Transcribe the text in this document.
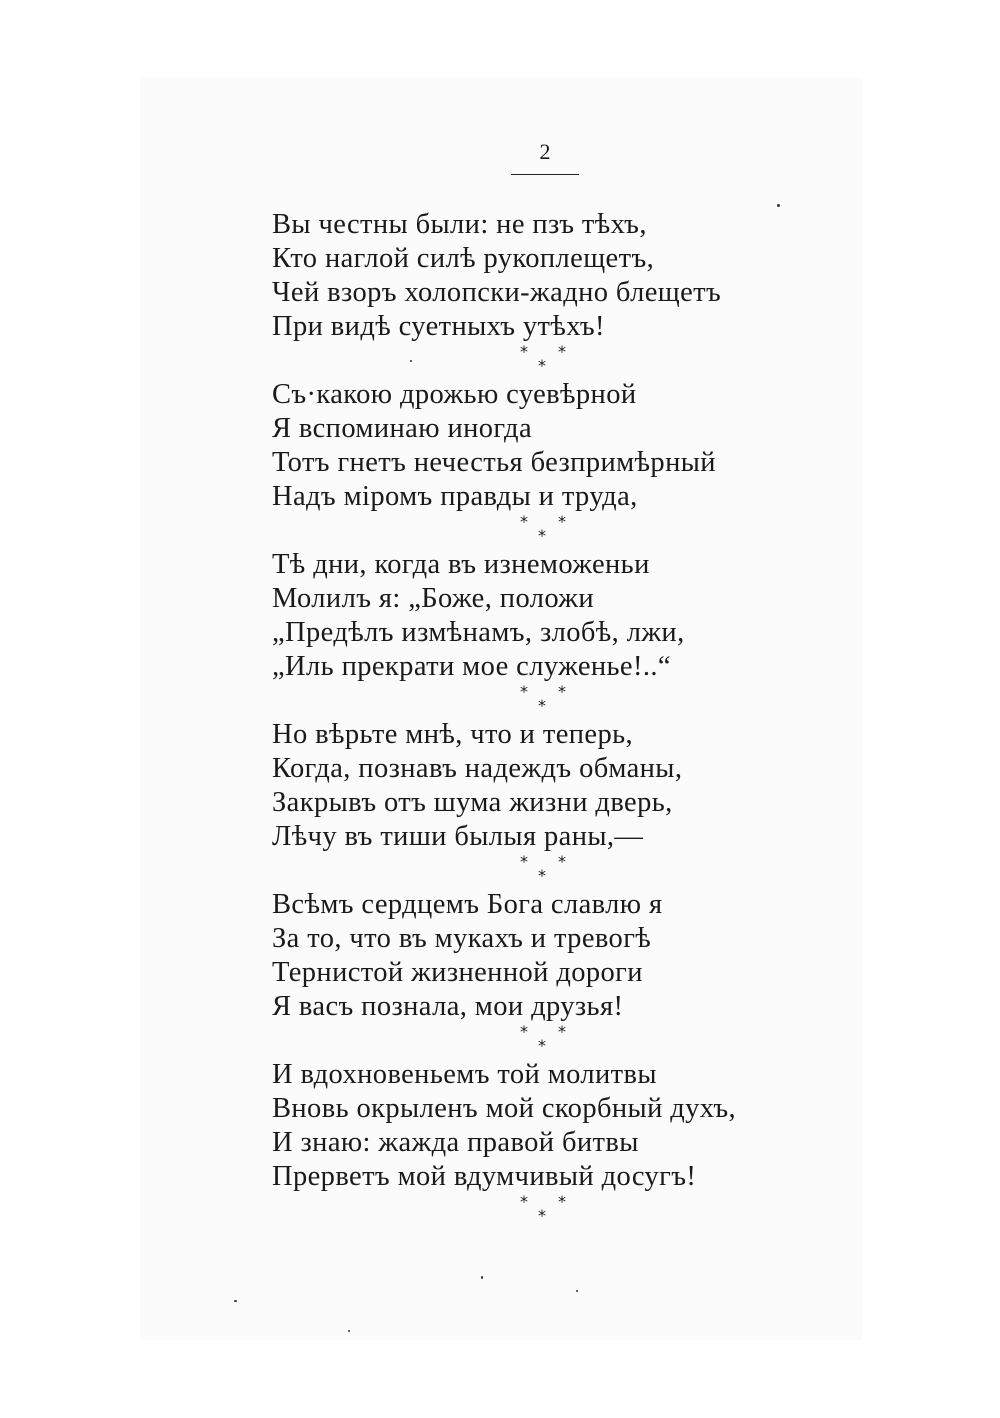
2
Вы честны были: не пзъ тѣхъ,
Кто наглой силѣ рукоплещетъ,
Чей взоръ холопски-жадно блещетъ
При видѣ суетныхъ утѣхъ!
* *
*
Съ·какою дрожью суевѣрной
Я вспоминаю иногда
Тотъ гнетъ нечестья безпримѣрный
Надъ міромъ правды и труда,
* *
*
Тѣ дни, когда въ изнеможеньи
Молилъ я: „Боже, положи
„Предѣлъ измѣнамъ, злобѣ, лжи,
„Иль прекрати мое служенье!..“
* *
*
Но вѣрьте мнѣ, что и теперь,
Когда, познавъ надеждъ обманы,
Закрывъ отъ шума жизни дверь,
Лѣчу въ тиши былыя раны,—
* *
*
Всѣмъ сердцемъ Бога славлю я
За то, что въ мукахъ и тревогѣ
Тернистой жизненной дороги
Я васъ познала, мои друзья!
* *
*
И вдохновеньемъ той молитвы
Вновь окрыленъ мой скорбный духъ,
И знаю: жажда правой битвы
Прерветъ мой вдумчивый досугъ!
* *
*
